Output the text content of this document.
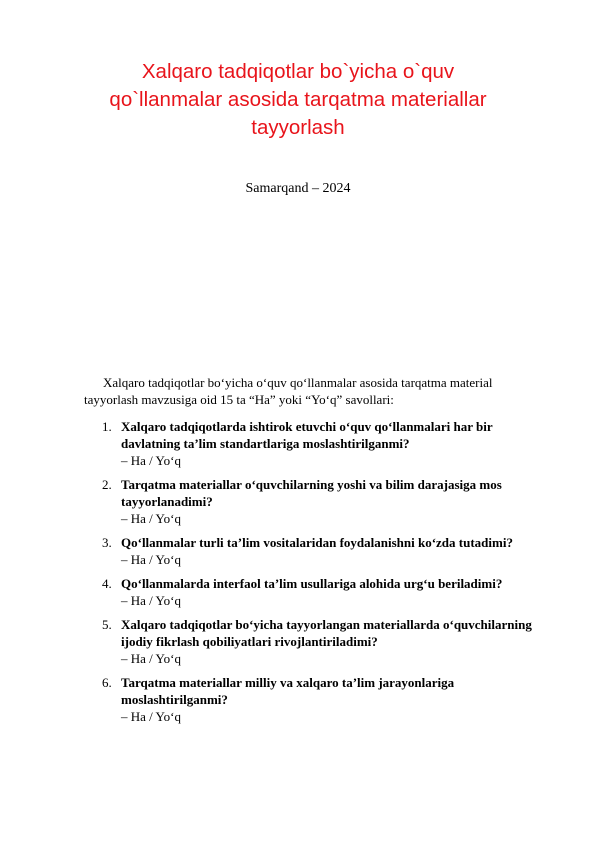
Xalqaro tadqiqotlar bo`yicha o`quv qo`llanmalar asosida tarqatma materiallar tayyorlash
Samarqand – 2024

Xalqaro tadqiqotlar bo‘yicha o‘quv qo‘llanmalar asosida tarqatma material tayyorlash mavzusiga oid 15 ta “Ha” yoki “Yo‘q” savollari:

1. Xalqaro tadqiqotlarda ishtirok etuvchi o‘quv qo‘llanmalari har bir davlatning ta’lim standartlariga moslashtirilganmi?
– Ha / Yo‘q
2. Tarqatma materiallar o‘quvchilarning yoshi va bilim darajasiga mos tayyorlanadimi?
– Ha / Yo‘q
3. Qo‘llanmalar turli ta’lim vositalaridan foydalanishni ko‘zda tutadimi?
– Ha / Yo‘q
4. Qo‘llanmalarda interfaol ta’lim usullariga alohida urg‘u beriladimi?
– Ha / Yo‘q
5. Xalqaro tadqiqotlar bo‘yicha tayyorlangan materiallarda o‘quvchilarning ijodiy fikrlash qobiliyatlari rivojlantiriladimi?
– Ha / Yo‘q
6. Tarqatma materiallar milliy va xalqaro ta’lim jarayonlariga moslashtirilganmi?
– Ha / Yo‘q
